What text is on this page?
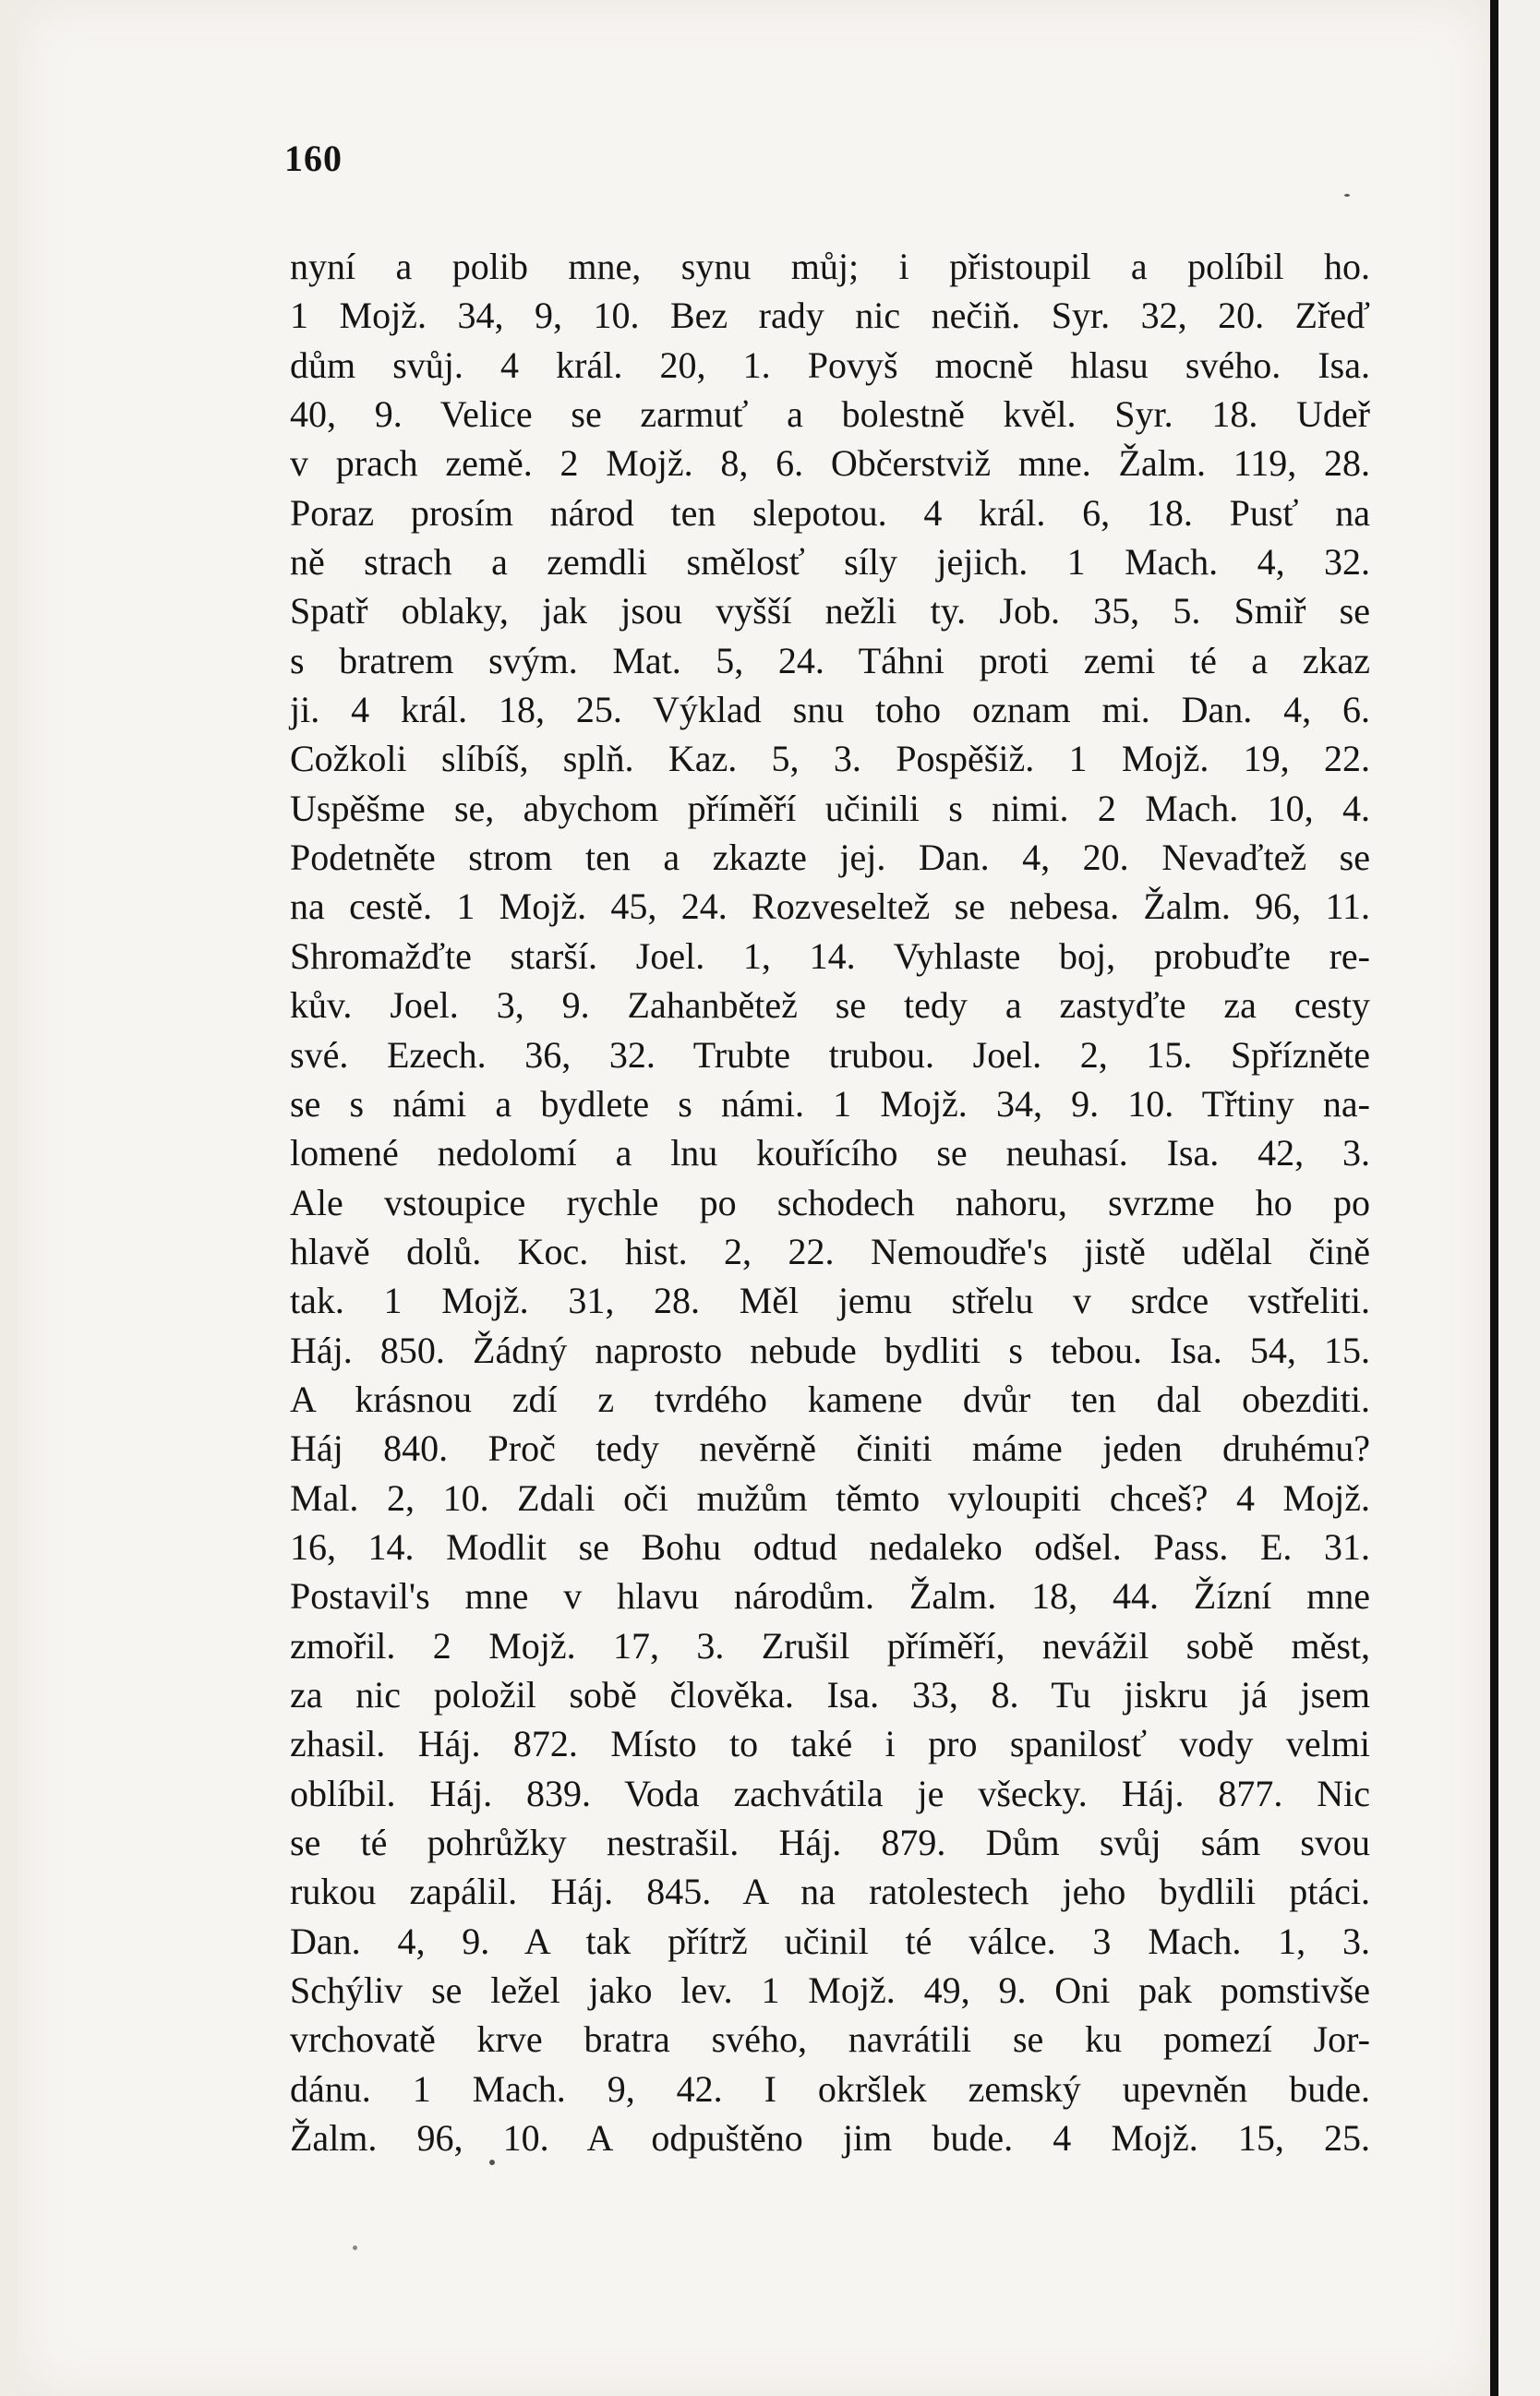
160
nyní a polib mne, synu můj; i přistoupil a políbil ho.
1 Mojž. 34, 9, 10. Bez rady nic nečiň. Syr. 32, 20. Zřeď
dům svůj. 4 král. 20, 1. Povyš mocně hlasu svého. Isa.
40, 9. Velice se zarmuť a bolestně kvěl. Syr. 18. Udeř
v prach země. 2 Mojž. 8, 6. Občerstviž mne. Žalm. 119, 28.
Poraz prosím národ ten slepotou. 4 král. 6, 18. Pusť na
ně strach a zemdli smělosť síly jejich. 1 Mach. 4, 32.
Spatř oblaky, jak jsou vyšší nežli ty. Job. 35, 5. Smiř se
s bratrem svým. Mat. 5, 24. Táhni proti zemi té a zkaz
ji. 4 král. 18, 25. Výklad snu toho oznam mi. Dan. 4, 6.
Cožkoli slíbíš, splň. Kaz. 5, 3. Pospěšiž. 1 Mojž. 19, 22.
Uspěšme se, abychom příměří učinili s nimi. 2 Mach. 10, 4.
Podetněte strom ten a zkazte jej. Dan. 4, 20. Nevaďtež se
na cestě. 1 Mojž. 45, 24. Rozveseltež se nebesa. Žalm. 96, 11.
Shromažďte starší. Joel. 1, 14. Vyhlaste boj, probuďte re-
kův. Joel. 3, 9. Zahanbětež se tedy a zastyďte za cesty
své. Ezech. 36, 32. Trubte trubou. Joel. 2, 15. Spřízněte
se s námi a bydlete s námi. 1 Mojž. 34, 9. 10. Třtiny na-
lomené nedolomí a lnu kouřícího se neuhasí. Isa. 42, 3.
Ale vstoupice rychle po schodech nahoru, svrzme ho po
hlavě dolů. Koc. hist. 2, 22. Nemoudře's jistě udělal čině
tak. 1 Mojž. 31, 28. Měl jemu střelu v srdce vstřeliti.
Háj. 850. Žádný naprosto nebude bydliti s tebou. Isa. 54, 15.
A krásnou zdí z tvrdého kamene dvůr ten dal obezditi.
Háj 840. Proč tedy nevěrně činiti máme jeden druhému?
Mal. 2, 10. Zdali oči mužům těmto vyloupiti chceš? 4 Mojž.
16, 14. Modlit se Bohu odtud nedaleko odšel. Pass. E. 31.
Postavil's mne v hlavu národům. Žalm. 18, 44. Žízní mne
zmořil. 2 Mojž. 17, 3. Zrušil příměří, nevážil sobě měst,
za nic položil sobě člověka. Isa. 33, 8. Tu jiskru já jsem
zhasil. Háj. 872. Místo to také i pro spanilosť vody velmi
oblíbil. Háj. 839. Voda zachvátila je všecky. Háj. 877. Nic
se té pohrůžky nestrašil. Háj. 879. Dům svůj sám svou
rukou zapálil. Háj. 845. A na ratolestech jeho bydlili ptáci.
Dan. 4, 9. A tak přítrž učinil té válce. 3 Mach. 1, 3.
Schýliv se ležel jako lev. 1 Mojž. 49, 9. Oni pak pomstivše
vrchovatě krve bratra svého, navrátili se ku pomezí Jor-
dánu. 1 Mach. 9, 42. I okršlek zemský upevněn bude.
Žalm. 96, 10. A odpuštěno jim bude. 4 Mojž. 15, 25.
